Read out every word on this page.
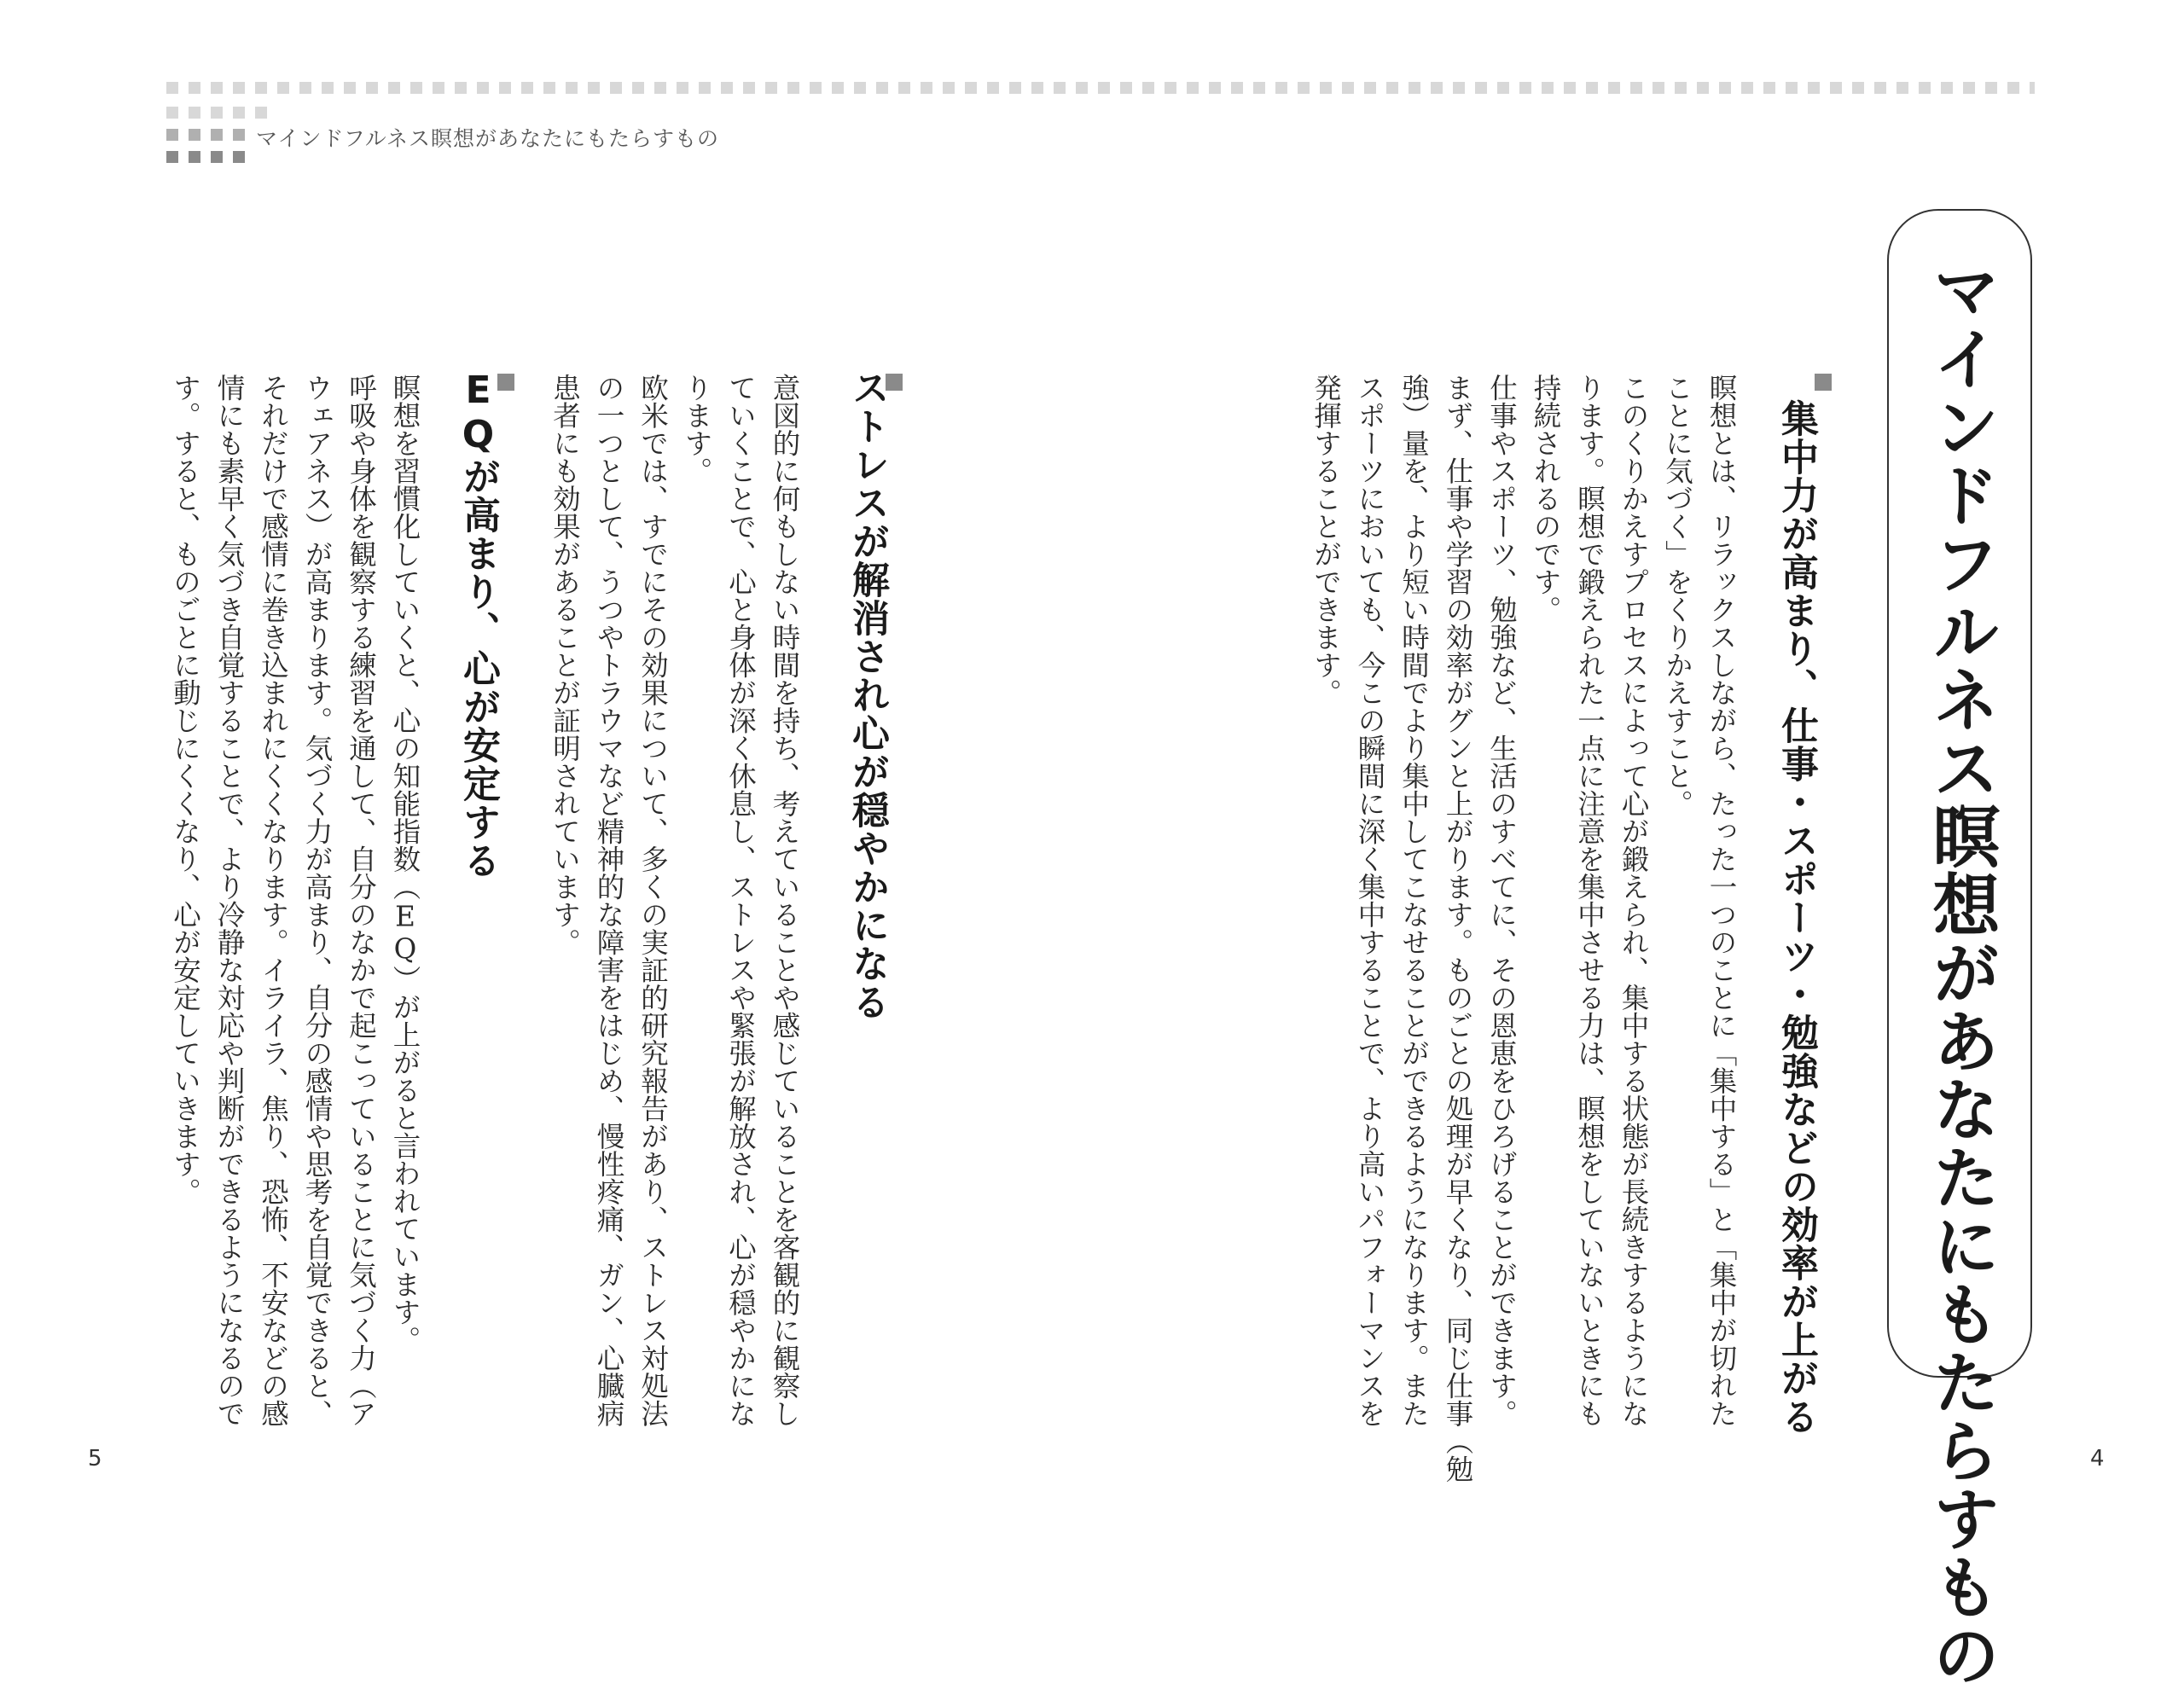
マインドフルネス瞑想があなたにもたらすもの
マインドフルネス瞑想があなたにもたらすもの
集中力が高まり、仕事・スポーツ・勉強などの効率が上がる
瞑想とは、リラックスしながら、たった一つのことに「集中する」と「集中が切れた
ことに気づく」をくりかえすこと。
このくりかえすプロセスによって心が鍛えられ、集中する状態が長続きするようにな
ります。瞑想で鍛えられた一点に注意を集中させる力は、瞑想をしていないときにも
持続されるのです。
仕事やスポーツ、勉強など、生活のすべてに、その恩恵をひろげることができます。
まず、仕事や学習の効率がグンと上がります。ものごとの処理が早くなり、同じ仕事（勉
強）量を、より短い時間でより集中してこなせることができるようになります。また
スポーツにおいても、今この瞬間に深く集中することで、より高いパフォーマンスを
発揮することができます。
ストレスが解消され心が穏やかになる
意図的に何もしない時間を持ち、考えていることや感じていることを客観的に観察し
ていくことで、心と身体が深く休息し、ストレスや緊張が解放され、心が穏やかにな
ります。
欧米では、すでにその効果について、多くの実証的研究報告があり、ストレス対処法
の一つとして、うつやトラウマなど精神的な障害をはじめ、慢性疼痛、ガン、心臓病
患者にも効果があることが証明されています。
EQが高まり、心が安定する
瞑想を習慣化していくと、心の知能指数（EQ）が上がると言われています。
呼吸や身体を観察する練習を通して、自分のなかで起こっていることに気づく力（ア
ウェアネス）が高まります。気づく力が高まり、自分の感情や思考を自覚できると、
それだけで感情に巻き込まれにくくなります。イライラ、焦り、恐怖、不安などの感
情にも素早く気づき自覚することで、より冷静な対応や判断ができるようになるので
す。すると、ものごとに動じにくくなり、心が安定していきます。
5	4
